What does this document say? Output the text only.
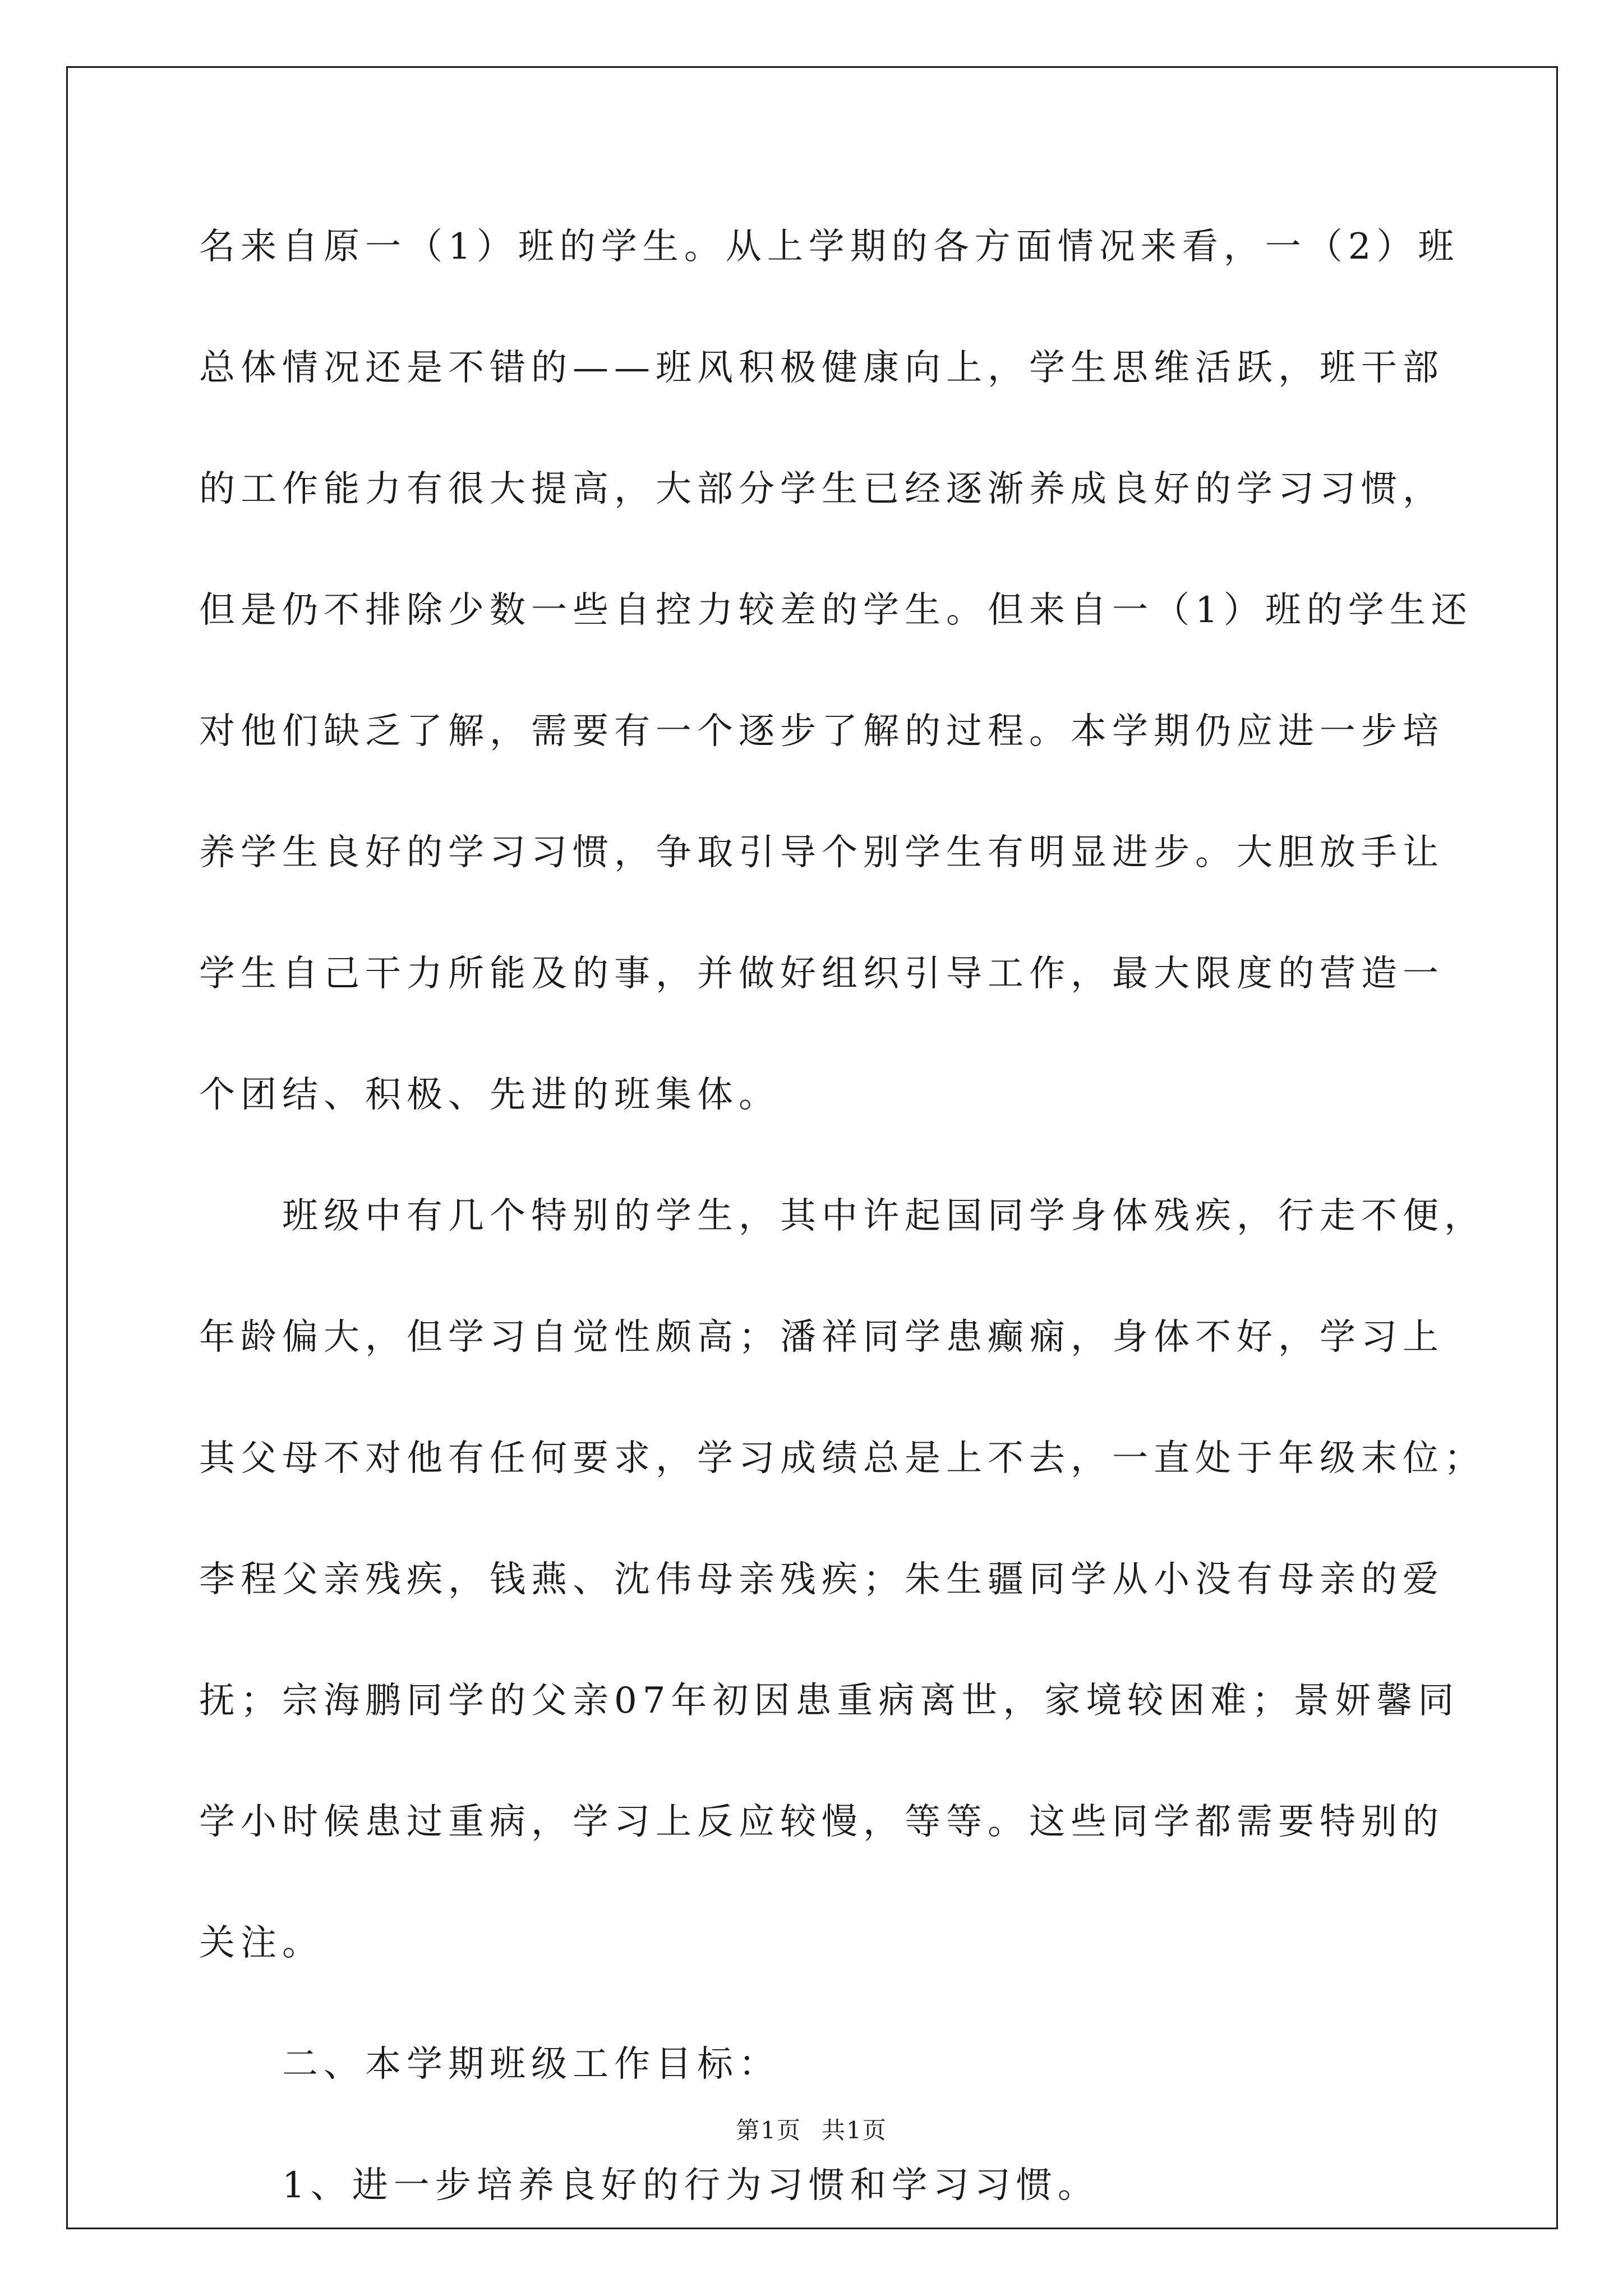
名来自原一（1）班的学生。从上学期的各方面情况来看，一（2）班
总体情况还是不错的——班风积极健康向上，学生思维活跃，班干部
的工作能力有很大提高，大部分学生已经逐渐养成良好的学习习惯，
但是仍不排除少数一些自控力较差的学生。但来自一（1）班的学生还
对他们缺乏了解，需要有一个逐步了解的过程。本学期仍应进一步培
养学生良好的学习习惯，争取引导个别学生有明显进步。大胆放手让
学生自己干力所能及的事，并做好组织引导工作，最大限度的营造一
个团结、积极、先进的班集体。
班级中有几个特别的学生，其中许起国同学身体残疾，行走不便，
年龄偏大，但学习自觉性颇高；潘祥同学患癫痫，身体不好，学习上
其父母不对他有任何要求，学习成绩总是上不去，一直处于年级末位；
李程父亲残疾，钱燕、沈伟母亲残疾；朱生疆同学从小没有母亲的爱
抚；宗海鹏同学的父亲07年初因患重病离世，家境较困难；景妍馨同
学小时候患过重病，学习上反应较慢，等等。这些同学都需要特别的
关注。
二、本学期班级工作目标：
1、进一步培养良好的行为习惯和学习习惯。
第1页 共1页
